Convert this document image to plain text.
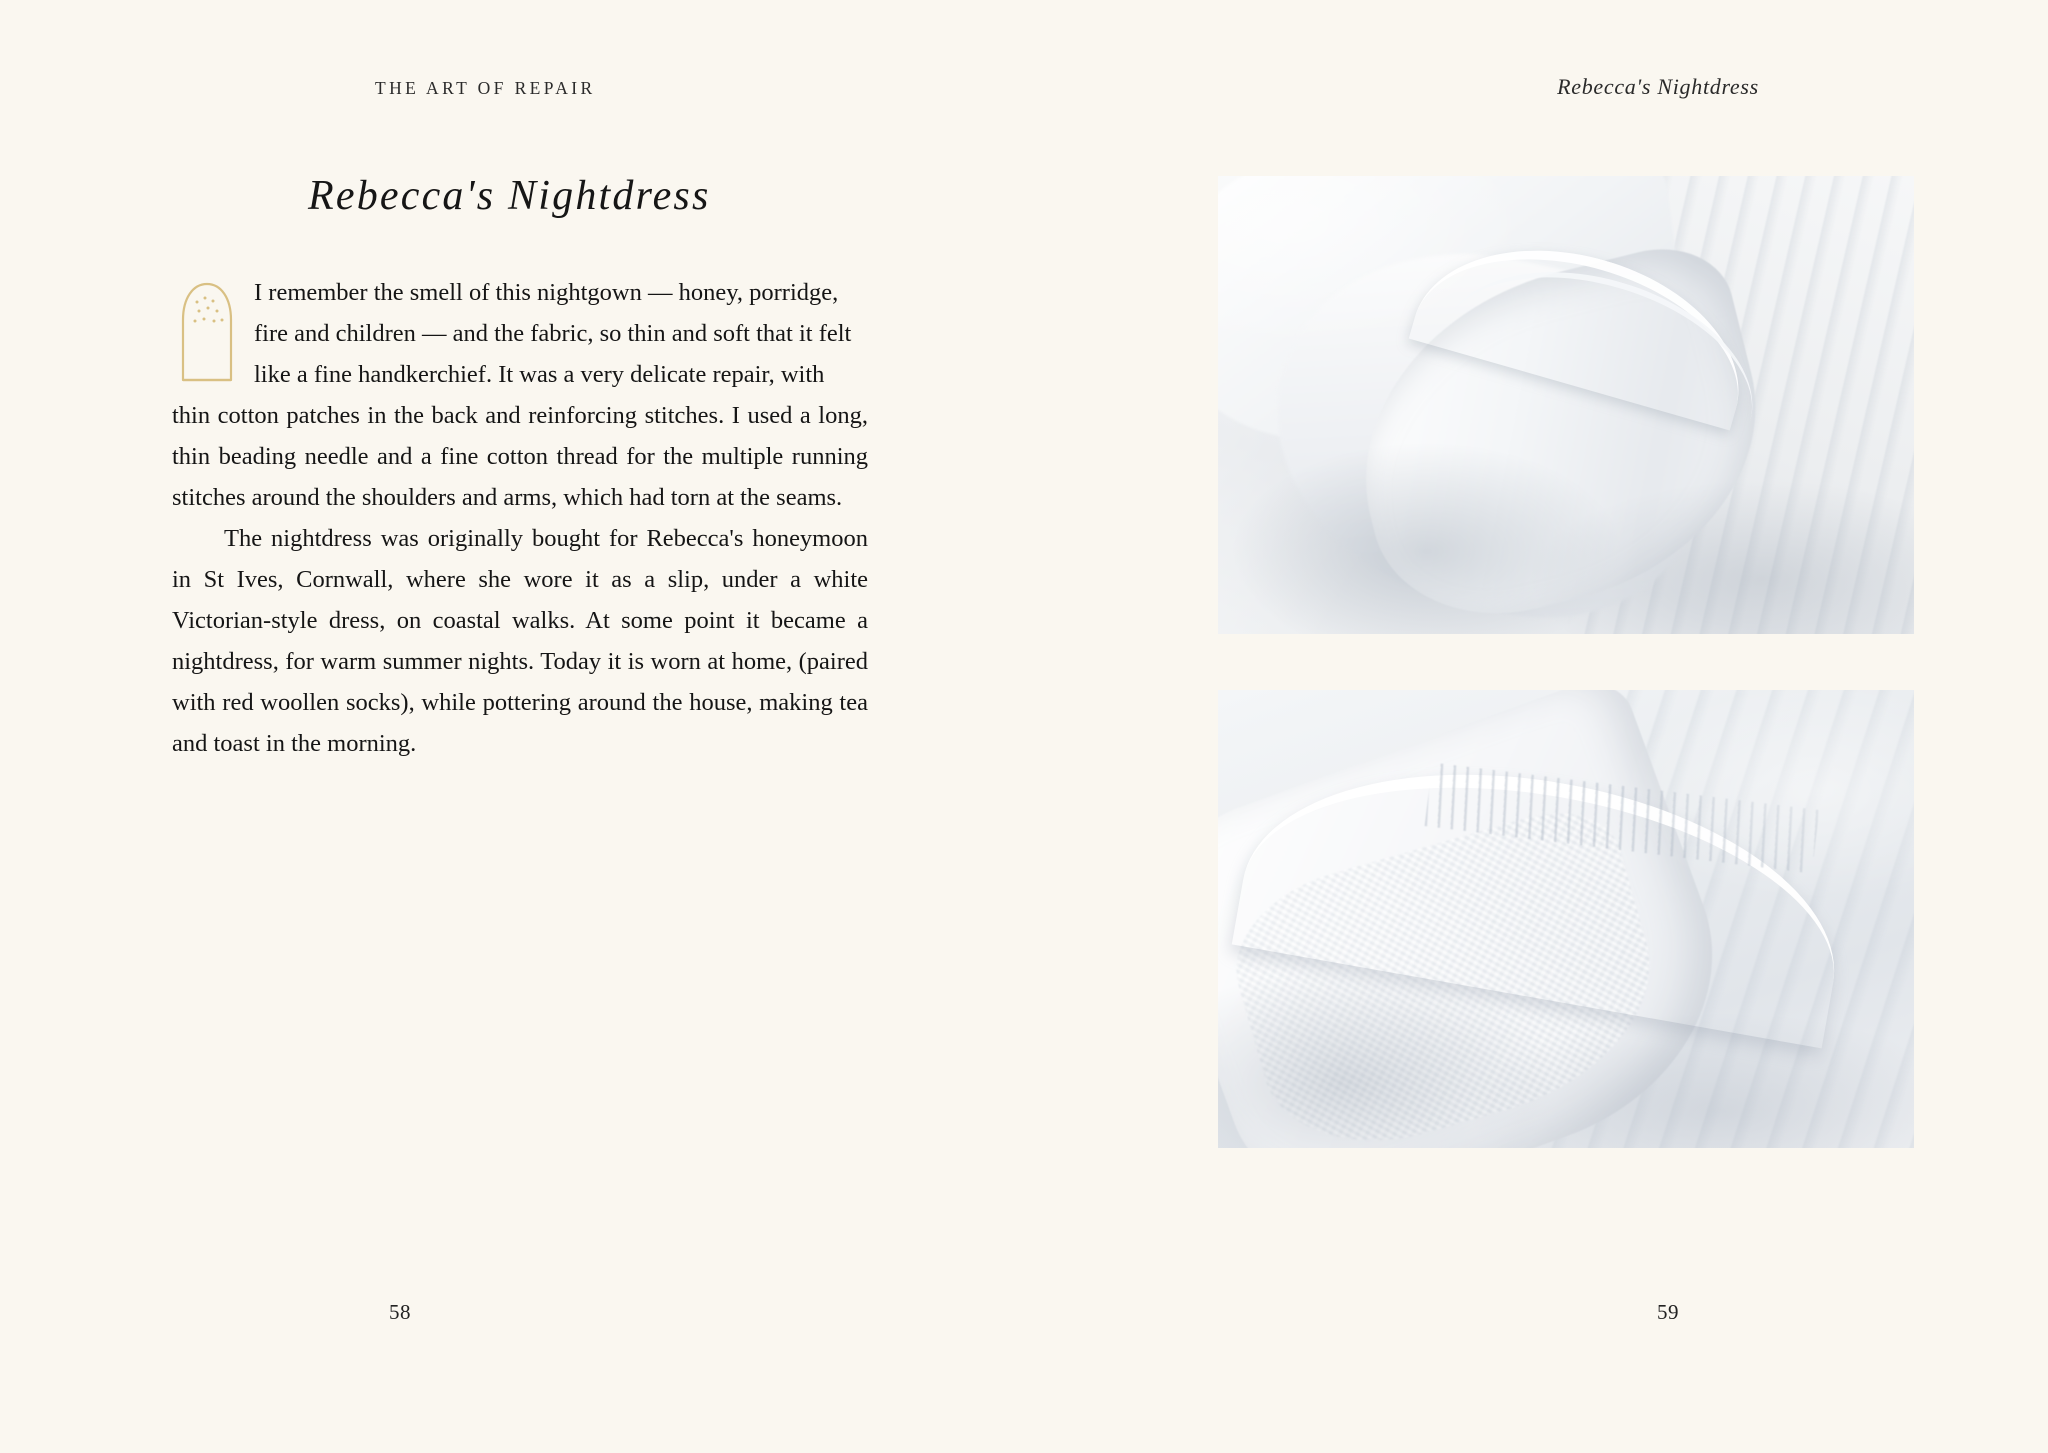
THE ART OF REPAIR
Rebecca's Nightdress

I remember the smell of this nightgown — honey, porridge,
fire and children — and the fabric, so thin and soft that it felt
like a fine handkerchief. It was a very delicate repair, with
thin cotton patches in the back and reinforcing stitches. I used a long, thin beading needle and a fine cotton thread for the multiple running stitches around the shoulders and arms, which had torn at the seams.

The nightdress was originally bought for Rebecca's honeymoon in St Ives, Cornwall, where she wore it as a slip, under a white Victorian-style dress, on coastal walks. At some point it became a nightdress, for warm summer nights. Today it is worn at home, (paired with red woollen socks), while pottering around the house, making tea and toast in the morning.

58
Rebecca's Nightdress
59
